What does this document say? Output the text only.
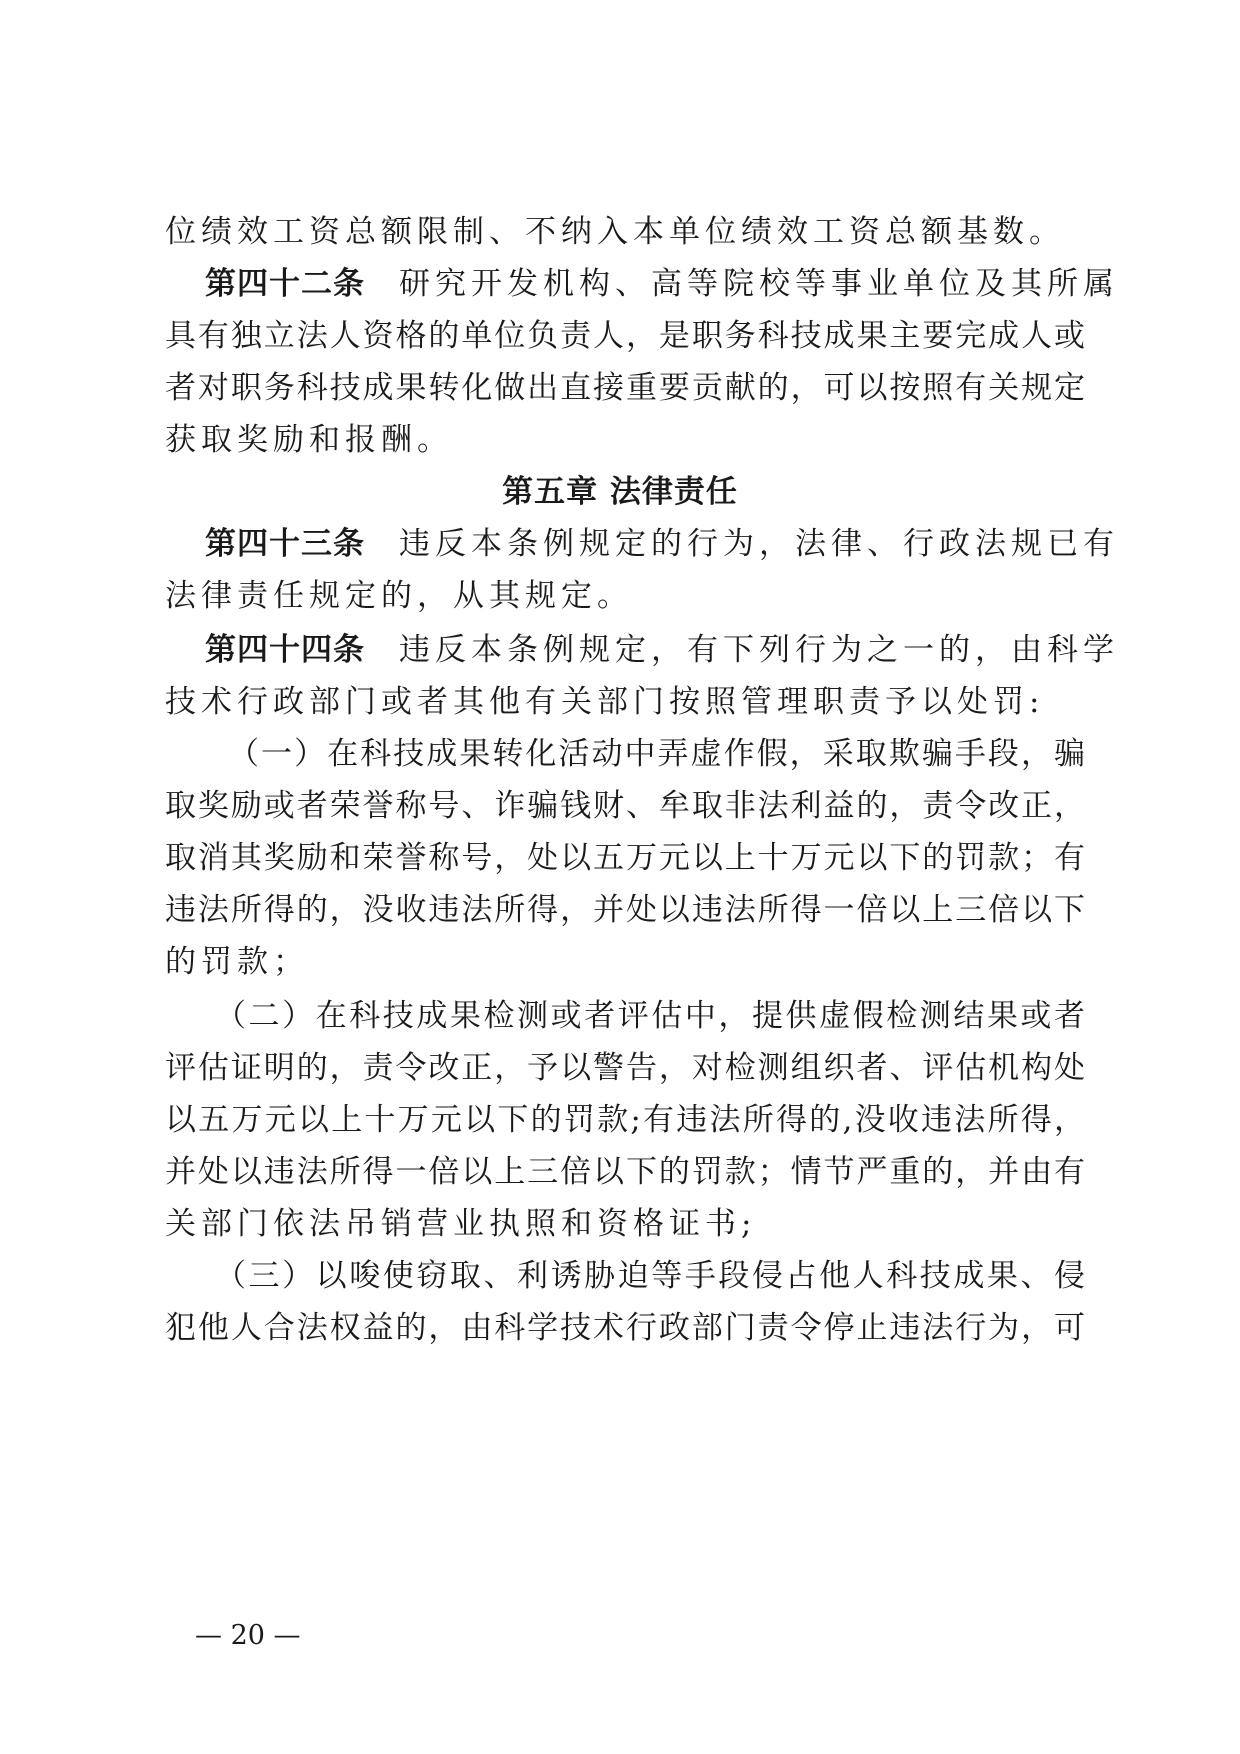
位绩效工资总额限制、不纳入本单位绩效工资总额基数。
第四十二条 研究开发机构、高等院校等事业单位及其所属
具有独立法人资格的单位负责人，是职务科技成果主要完成人或
者对职务科技成果转化做出直接重要贡献的，可以按照有关规定
获取奖励和报酬。
第五章 法律责任
第四十三条 违反本条例规定的行为，法律、行政法规已有
法律责任规定的，从其规定。
第四十四条 违反本条例规定，有下列行为之一的，由科学
技术行政部门或者其他有关部门按照管理职责予以处罚:
（一）在科技成果转化活动中弄虚作假，采取欺骗手段，骗
取奖励或者荣誉称号、诈骗钱财、牟取非法利益的，责令改正，
取消其奖励和荣誉称号，处以五万元以上十万元以下的罚款；有
违法所得的，没收违法所得，并处以违法所得一倍以上三倍以下
的罚款；
（二）在科技成果检测或者评估中，提供虚假检测结果或者
评估证明的，责令改正，予以警告，对检测组织者、评估机构处
以五万元以上十万元以下的罚款;有违法所得的,没收违法所得，
并处以违法所得一倍以上三倍以下的罚款；情节严重的，并由有
关部门依法吊销营业执照和资格证书;
（三）以唆使窃取、利诱胁迫等手段侵占他人科技成果、侵
犯他人合法权益的，由科学技术行政部门责令停止违法行为，可
— 20 —
